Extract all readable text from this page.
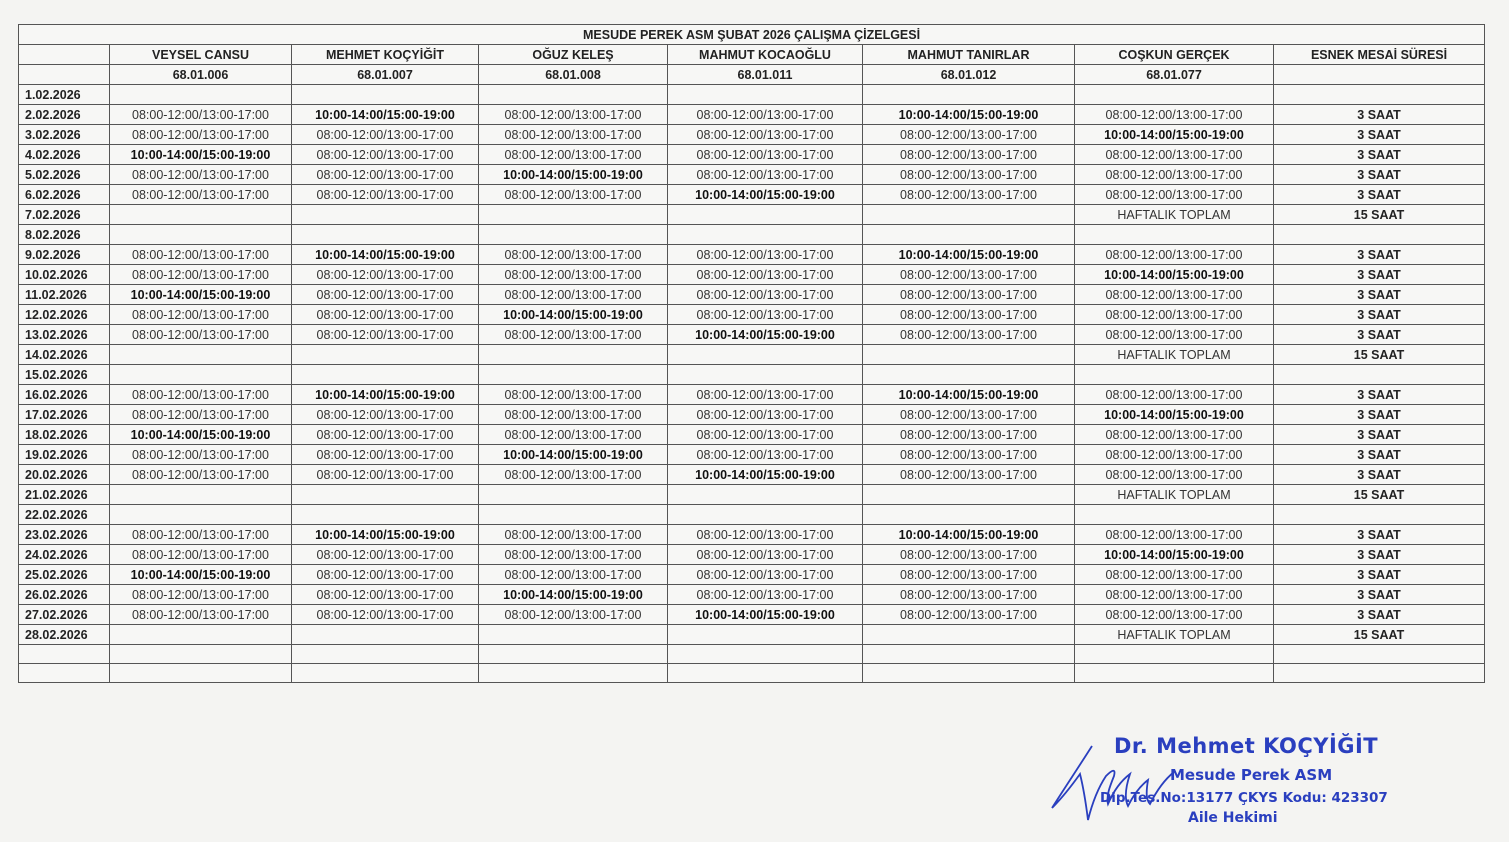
MESUDE PEREK ASM ŞUBAT 2026 ÇALIŞMA ÇİZELGESİ							
	VEYSEL CANSU	MEHMET KOÇYİĞİT	OĞUZ KELEŞ	MAHMUT KOCAOĞLU	MAHMUT TANIRLAR	COŞKUN GERÇEK	ESNEK MESAİ SÜRESİ
	68.01.006	68.01.007	68.01.008	68.01.011	68.01.012	68.01.077	
1.02.2026							
2.02.2026	08:00-12:00/13:00-17:00	10:00-14:00/15:00-19:00	08:00-12:00/13:00-17:00	08:00-12:00/13:00-17:00	10:00-14:00/15:00-19:00	08:00-12:00/13:00-17:00	3 SAAT
3.02.2026	08:00-12:00/13:00-17:00	08:00-12:00/13:00-17:00	08:00-12:00/13:00-17:00	08:00-12:00/13:00-17:00	08:00-12:00/13:00-17:00	10:00-14:00/15:00-19:00	3 SAAT
4.02.2026	10:00-14:00/15:00-19:00	08:00-12:00/13:00-17:00	08:00-12:00/13:00-17:00	08:00-12:00/13:00-17:00	08:00-12:00/13:00-17:00	08:00-12:00/13:00-17:00	3 SAAT
5.02.2026	08:00-12:00/13:00-17:00	08:00-12:00/13:00-17:00	10:00-14:00/15:00-19:00	08:00-12:00/13:00-17:00	08:00-12:00/13:00-17:00	08:00-12:00/13:00-17:00	3 SAAT
6.02.2026	08:00-12:00/13:00-17:00	08:00-12:00/13:00-17:00	08:00-12:00/13:00-17:00	10:00-14:00/15:00-19:00	08:00-12:00/13:00-17:00	08:00-12:00/13:00-17:00	3 SAAT
7.02.2026						HAFTALIK TOPLAM	15 SAAT
8.02.2026							
9.02.2026	08:00-12:00/13:00-17:00	10:00-14:00/15:00-19:00	08:00-12:00/13:00-17:00	08:00-12:00/13:00-17:00	10:00-14:00/15:00-19:00	08:00-12:00/13:00-17:00	3 SAAT
10.02.2026	08:00-12:00/13:00-17:00	08:00-12:00/13:00-17:00	08:00-12:00/13:00-17:00	08:00-12:00/13:00-17:00	08:00-12:00/13:00-17:00	10:00-14:00/15:00-19:00	3 SAAT
11.02.2026	10:00-14:00/15:00-19:00	08:00-12:00/13:00-17:00	08:00-12:00/13:00-17:00	08:00-12:00/13:00-17:00	08:00-12:00/13:00-17:00	08:00-12:00/13:00-17:00	3 SAAT
12.02.2026	08:00-12:00/13:00-17:00	08:00-12:00/13:00-17:00	10:00-14:00/15:00-19:00	08:00-12:00/13:00-17:00	08:00-12:00/13:00-17:00	08:00-12:00/13:00-17:00	3 SAAT
13.02.2026	08:00-12:00/13:00-17:00	08:00-12:00/13:00-17:00	08:00-12:00/13:00-17:00	10:00-14:00/15:00-19:00	08:00-12:00/13:00-17:00	08:00-12:00/13:00-17:00	3 SAAT
14.02.2026						HAFTALIK TOPLAM	15 SAAT
15.02.2026							
16.02.2026	08:00-12:00/13:00-17:00	10:00-14:00/15:00-19:00	08:00-12:00/13:00-17:00	08:00-12:00/13:00-17:00	10:00-14:00/15:00-19:00	08:00-12:00/13:00-17:00	3 SAAT
17.02.2026	08:00-12:00/13:00-17:00	08:00-12:00/13:00-17:00	08:00-12:00/13:00-17:00	08:00-12:00/13:00-17:00	08:00-12:00/13:00-17:00	10:00-14:00/15:00-19:00	3 SAAT
18.02.2026	10:00-14:00/15:00-19:00	08:00-12:00/13:00-17:00	08:00-12:00/13:00-17:00	08:00-12:00/13:00-17:00	08:00-12:00/13:00-17:00	08:00-12:00/13:00-17:00	3 SAAT
19.02.2026	08:00-12:00/13:00-17:00	08:00-12:00/13:00-17:00	10:00-14:00/15:00-19:00	08:00-12:00/13:00-17:00	08:00-12:00/13:00-17:00	08:00-12:00/13:00-17:00	3 SAAT
20.02.2026	08:00-12:00/13:00-17:00	08:00-12:00/13:00-17:00	08:00-12:00/13:00-17:00	10:00-14:00/15:00-19:00	08:00-12:00/13:00-17:00	08:00-12:00/13:00-17:00	3 SAAT
21.02.2026						HAFTALIK TOPLAM	15 SAAT
22.02.2026							
23.02.2026	08:00-12:00/13:00-17:00	10:00-14:00/15:00-19:00	08:00-12:00/13:00-17:00	08:00-12:00/13:00-17:00	10:00-14:00/15:00-19:00	08:00-12:00/13:00-17:00	3 SAAT
24.02.2026	08:00-12:00/13:00-17:00	08:00-12:00/13:00-17:00	08:00-12:00/13:00-17:00	08:00-12:00/13:00-17:00	08:00-12:00/13:00-17:00	10:00-14:00/15:00-19:00	3 SAAT
25.02.2026	10:00-14:00/15:00-19:00	08:00-12:00/13:00-17:00	08:00-12:00/13:00-17:00	08:00-12:00/13:00-17:00	08:00-12:00/13:00-17:00	08:00-12:00/13:00-17:00	3 SAAT
26.02.2026	08:00-12:00/13:00-17:00	08:00-12:00/13:00-17:00	10:00-14:00/15:00-19:00	08:00-12:00/13:00-17:00	08:00-12:00/13:00-17:00	08:00-12:00/13:00-17:00	3 SAAT
27.02.2026	08:00-12:00/13:00-17:00	08:00-12:00/13:00-17:00	08:00-12:00/13:00-17:00	10:00-14:00/15:00-19:00	08:00-12:00/13:00-17:00	08:00-12:00/13:00-17:00	3 SAAT
28.02.2026						HAFTALIK TOPLAM	15 SAAT

Dr. Mehmet KOÇYİĞİT
Mesude Perek ASM
Dip.Tes.No:13177 ÇKYS Kodu: 423307
Aile Hekimi
